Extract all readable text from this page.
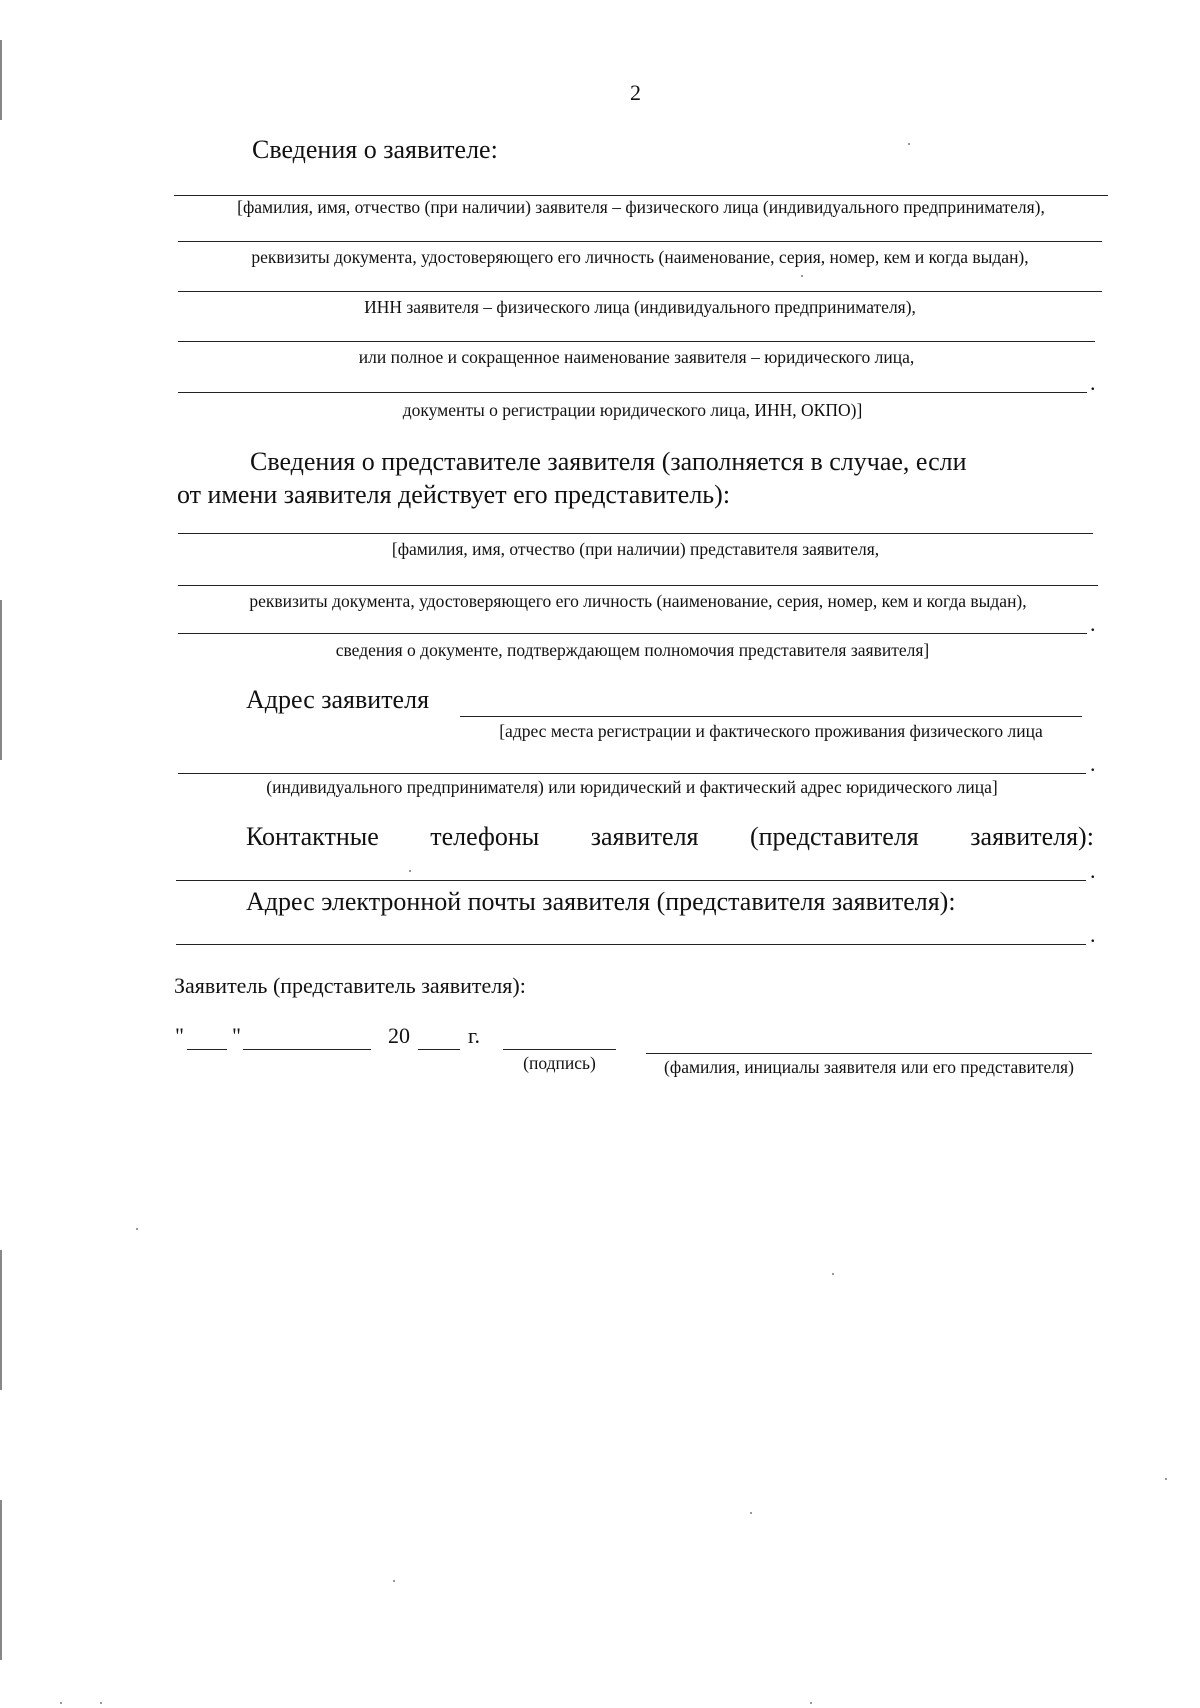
2
Сведения о заявителе:
[фамилия, имя, отчество (при наличии) заявителя – физического лица (индивидуального предпринимателя),
реквизиты документа, удостоверяющего его личность (наименование, серия, номер, кем и когда выдан),
ИНН заявителя – физического лица (индивидуального предпринимателя),
или полное и сокращенное наименование заявителя – юридического лица,
.
документы о регистрации юридического лица, ИНН, ОКПО)]
Сведения о представителе заявителя (заполняется в случае, если
от имени заявителя действует его представитель):
[фамилия, имя, отчество (при наличии) представителя заявителя,
реквизиты документа, удостоверяющего его личность (наименование, серия, номер, кем и когда выдан),
.
сведения о документе, подтверждающем полномочия представителя заявителя]
Адрес заявителя
[адрес места регистрации и фактического проживания физического лица
.
(индивидуального предпринимателя) или юридический и фактический адрес юридического лица]
Контактные телефоны заявителя (представителя заявителя):
.
Адрес электронной почты заявителя (представителя заявителя):
.
Заявитель (представитель заявителя):
" "	20	г.
(подпись)	(фамилия, инициалы заявителя или его представителя)
